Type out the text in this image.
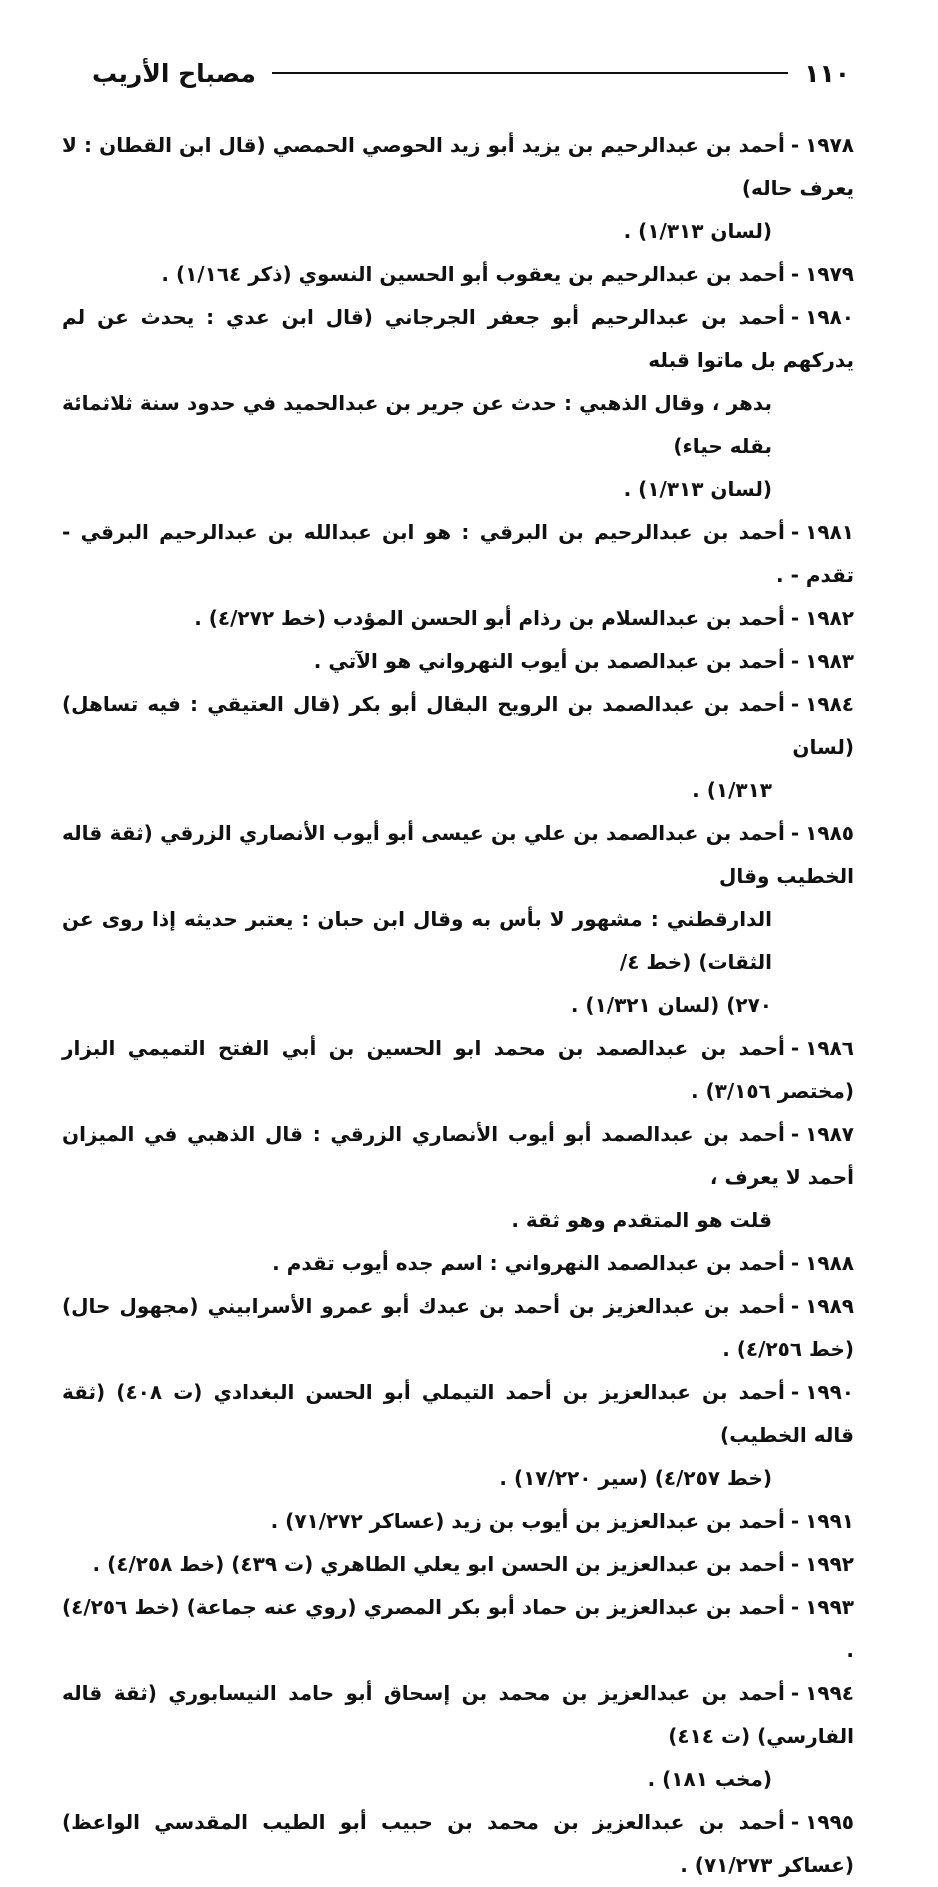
١١٠
مصباح الأريب

١٩٧٨-أحمد بن عبدالرحيم بن يزيد أبو زيد الحوصي الحمصي (قال ابن القطان : لا يعرف حاله)
(لسان ١/٣١٣) .

١٩٧٩-أحمد بن عبدالرحيم بن يعقوب أبو الحسين النسوي (ذكر ١/١٦٤) .

١٩٨٠-أحمد بن عبدالرحيم أبو جعفر الجرجاني (قال ابن عدي : يحدث عن لم يدركهم بل ماتوا قبله
بدهر ، وقال الذهبي : حدث عن جرير بن عبدالحميد في حدود سنة ثلاثمائة بقله حياء)
(لسان ١/٣١٣) .

١٩٨١-أحمد بن عبدالرحيم بن البرقي : هو ابن عبدالله بن عبدالرحيم البرقي - تقدم - .

١٩٨٢-أحمد بن عبدالسلام بن رذام أبو الحسن المؤدب (خط ٤/٢٧٢) .

١٩٨٣-أحمد بن عبدالصمد بن أيوب النهرواني هو الآتي .

١٩٨٤-أحمد بن عبدالصمد بن الرويح البقال أبو بكر (قال العتيقي : فيه تساهل) (لسان
١/٣١٣) .

١٩٨٥-أحمد بن عبدالصمد بن علي بن عيسى أبو أيوب الأنصاري الزرقي (ثقة قاله الخطيب وقال
الدارقطني : مشهور لا بأس به وقال ابن حبان : يعتبر حديثه إذا روى عن الثقات) (خط ٤/
٢٧٠) (لسان ١/٣٢١) .

١٩٨٦-أحمد بن عبدالصمد بن محمد ابو الحسين بن أبي الفتح التميمي البزار (مختصر ٣/١٥٦) .

١٩٨٧-أحمد بن عبدالصمد أبو أيوب الأنصاري الزرقي : قال الذهبي في الميزان أحمد لا يعرف ،
قلت هو المتقدم وهو ثقة .

١٩٨٨-أحمد بن عبدالصمد النهرواني : اسم جده أيوب تقدم .

١٩٨٩-أحمد بن عبدالعزيز بن أحمد بن عبدك أبو عمرو الأسرابيني (مجهول حال) (خط ٤/٢٥٦) .

١٩٩٠-أحمد بن عبدالعزيز بن أحمد التيملي أبو الحسن البغدادي (ت ٤٠٨) (ثقة قاله الخطيب)
(خط ٤/٢٥٧) (سير ١٧/٢٢٠) .

١٩٩١-أحمد بن عبدالعزيز بن أيوب بن زيد (عساكر ٧١/٢٧٢) .

١٩٩٢-أحمد بن عبدالعزيز بن الحسن ابو يعلي الطاهري (ت ٤٣٩) (خط ٤/٢٥٨) .

١٩٩٣-أحمد بن عبدالعزيز بن حماد أبو بكر المصري (روي عنه جماعة) (خط ٤/٢٥٦) .

١٩٩٤-أحمد بن عبدالعزيز بن محمد بن إسحاق أبو حامد النيسابوري (ثقة قاله الفارسي) (ت ٤١٤)
(مخب ١٨١) .

١٩٩٥-أحمد بن عبدالعزيز بن محمد بن حبيب أبو الطيب المقدسي الواعظ) (عساكر ٧١/٢٧٣) .
